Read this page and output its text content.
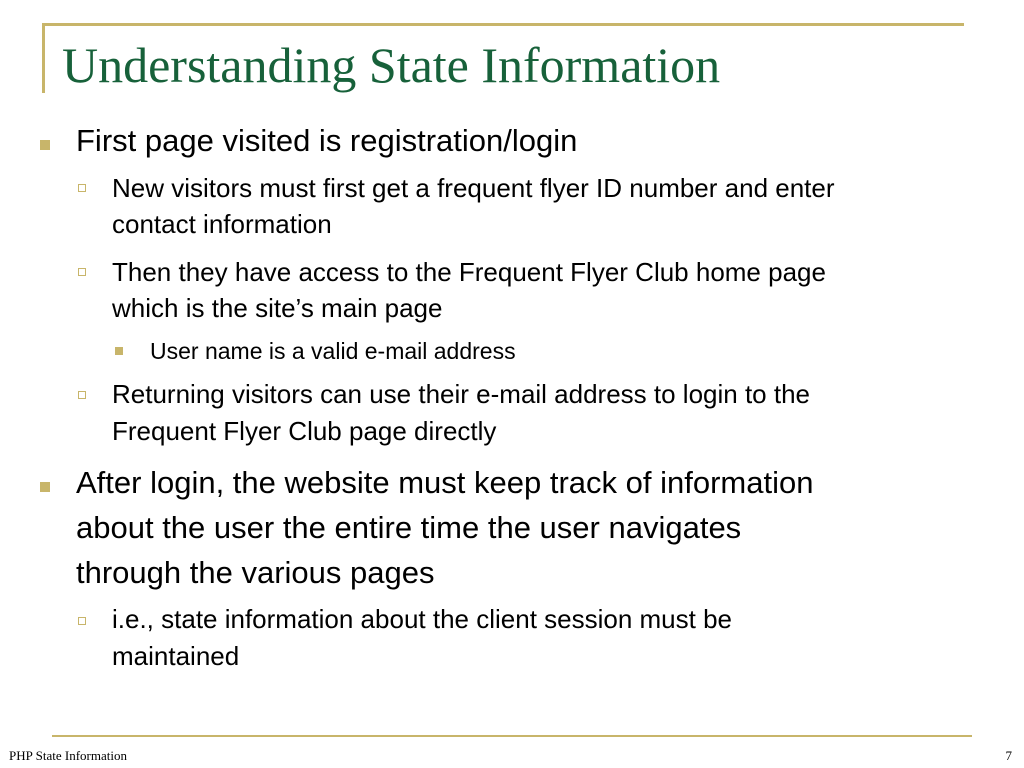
Understanding State Information
First page visited is registration/login
New visitors must first get a frequent flyer ID number and enter
contact information
Then they have access to the Frequent Flyer Club home page
which is the site’s main page
User name is a valid e-mail address
Returning visitors can use their e-mail address to login to the
Frequent Flyer Club page directly
After login, the website must keep track of information
about the user the entire time the user navigates
through the various pages
i.e., state information about the client session must be
maintained
PHP State Information	7
